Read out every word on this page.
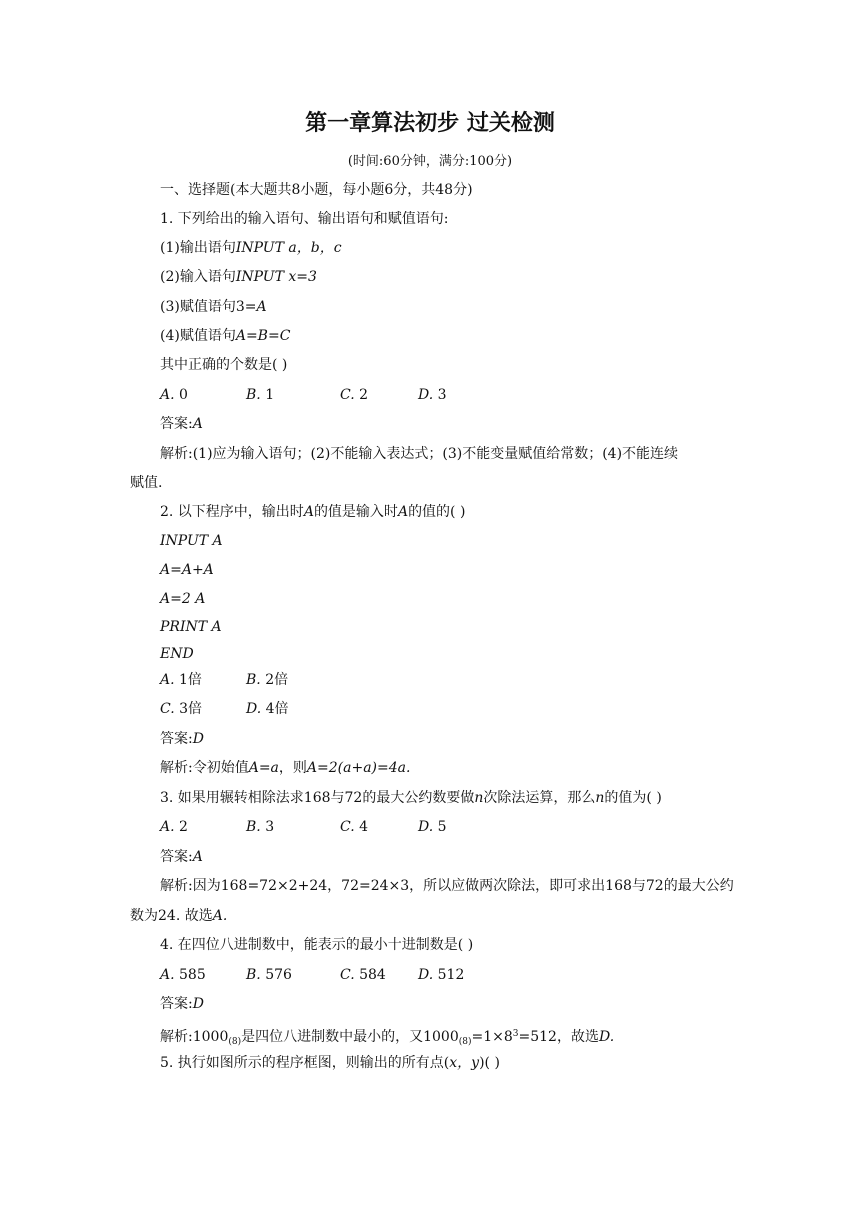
第一章算法初步 过关检测
(时间:60分钟，满分:100分)
一、选择题(本大题共8小题，每小题6分，共48分)
1. 下列给出的输入语句、输出语句和赋值语句:
(1)输出语句INPUT a，b，c
(2)输入语句INPUT x=3
(3)赋值语句3=A
(4)赋值语句A=B=C
其中正确的个数是( )
A. 0	B. 1	C. 2	D. 3
答案:A
解析:(1)应为输入语句；(2)不能输入表达式；(3)不能变量赋值给常数；(4)不能连续
赋值.
2. 以下程序中，输出时A的值是输入时A的值的( )
INPUT A
A=A+A
A=2 A
PRINT A
END
A. 1倍	B. 2倍
C. 3倍	D. 4倍
答案:D
解析:令初始值A=a，则A=2(a+a)=4a.
3. 如果用辗转相除法求168与72的最大公约数要做n次除法运算，那么n的值为( )
A. 2	B. 3	C. 4	D. 5
答案:A
解析:因为168=72×2+24，72=24×3，所以应做两次除法，即可求出168与72的最大公约
数为24. 故选A.
4. 在四位八进制数中，能表示的最小十进制数是( )
A. 585	B. 576	C. 584 D. 512
答案:D
解析$:1000_{(8)}$是四位八进制数中最小的，又$1000_{(8)}=1\times 8^3=512$，故选D.
5. 执行如图所示的程序框图，则输出的所有点(x，y)( )
